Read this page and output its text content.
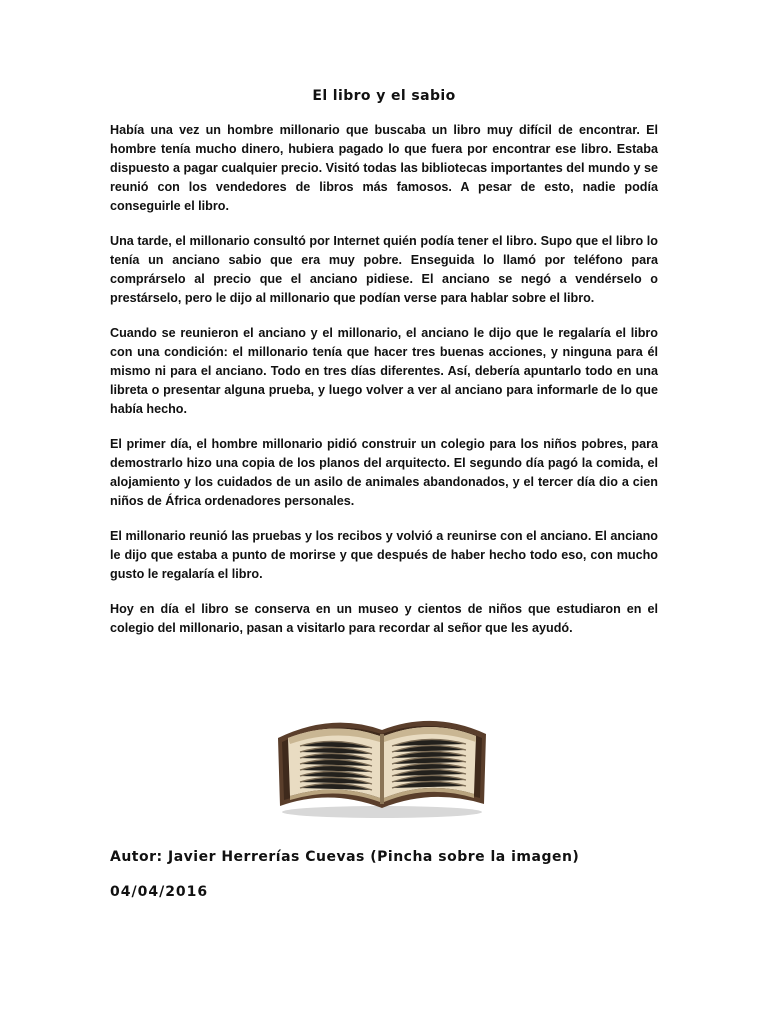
El libro y el sabio

Había una vez un hombre millonario que buscaba un libro muy difícil de encontrar. El hombre tenía mucho dinero, hubiera pagado lo que fuera por encontrar ese libro. Estaba dispuesto a pagar cualquier precio. Visitó todas las bibliotecas importantes del mundo y se reunió con los vendedores de libros más famosos. A pesar de esto, nadie podía conseguirle el libro.

Una tarde, el millonario consultó por Internet quién podía tener el libro. Supo que el libro lo tenía un anciano sabio que era muy pobre. Enseguida lo llamó por teléfono para comprárselo al precio que el anciano pidiese. El anciano se negó a vendérselo o prestárselo, pero le dijo al millonario que podían verse para hablar sobre el libro.

Cuando se reunieron el anciano y el millonario, el anciano le dijo que le regalaría el libro con una condición: el millonario tenía que hacer tres buenas acciones, y ninguna para él mismo ni para el anciano. Todo en tres días diferentes. Así, debería apuntarlo todo en una libreta o presentar alguna prueba, y luego volver a ver al anciano para informarle de lo que había hecho.

El primer día, el hombre millonario pidió construir un colegio para los niños pobres, para demostrarlo hizo una copia de los planos del arquitecto. El segundo día pagó la comida, el alojamiento y los cuidados de un asilo de animales abandonados, y el tercer día dio a cien niños de África ordenadores personales.

El millonario reunió las pruebas y los recibos y volvió a reunirse con el anciano. El anciano le dijo que estaba a punto de morirse y que después de haber hecho todo eso, con mucho gusto le regalaría el libro.

Hoy en día el libro se conserva en un museo y cientos de niños que estudiaron en el colegio del millonario, pasan a visitarlo para recordar al señor que les ayudó.

Autor: Javier Herrerías Cuevas (Pincha sobre la imagen)
04/04/2016
